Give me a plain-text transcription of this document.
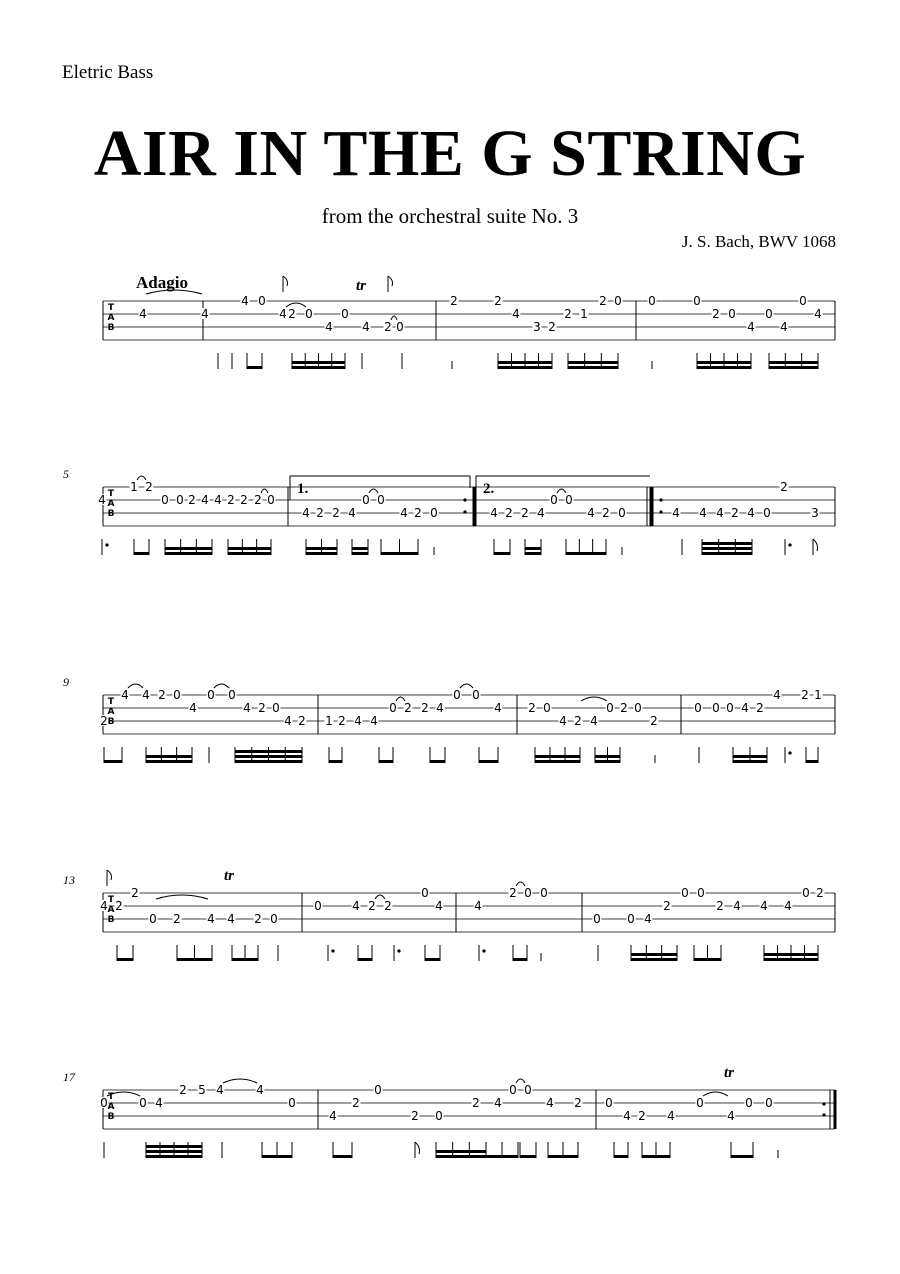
Eletric Bass
AIR IN THE G STRING
from the orchestral suite No. 3
J. S. Bach, BWV 1068
Adagio
T
A
B
4	4
4 0
4 2 0
4
0
4 2 0
2	2
4
3 2
2 1
2 0 0	0
2 0
4
0
4
0
4
T
A
B
5
4
1 2
0 0 2 4 4 2 2 2 0
4 2 2 4
0 0
4 2 0	4 2 2 4
0 0
4 2 0	4 4 4 2 4 0
2
3
T
A
B
9
2
4 4 2 0
4
0 0
4 2 0
4 2 1 2 4 4
0 2 2 4
0 0
4 2 0
4 2 4
0 2 0
2
0 0 0 4 2
4 2 1
T
A
B
13
4 2
2
0 2 4 4 2 0
0	4 2 2
0
4	4
2 0 0
0 0 4
2
0 0
2 4 4 4
0 2
T
A
B
17
0	0 4
2 5 4	4
0
4
2
0
2 0
2 4
0 0
4 2 0
4 2 4
0
4
0 0
tr
1.	2.
tr
tr
